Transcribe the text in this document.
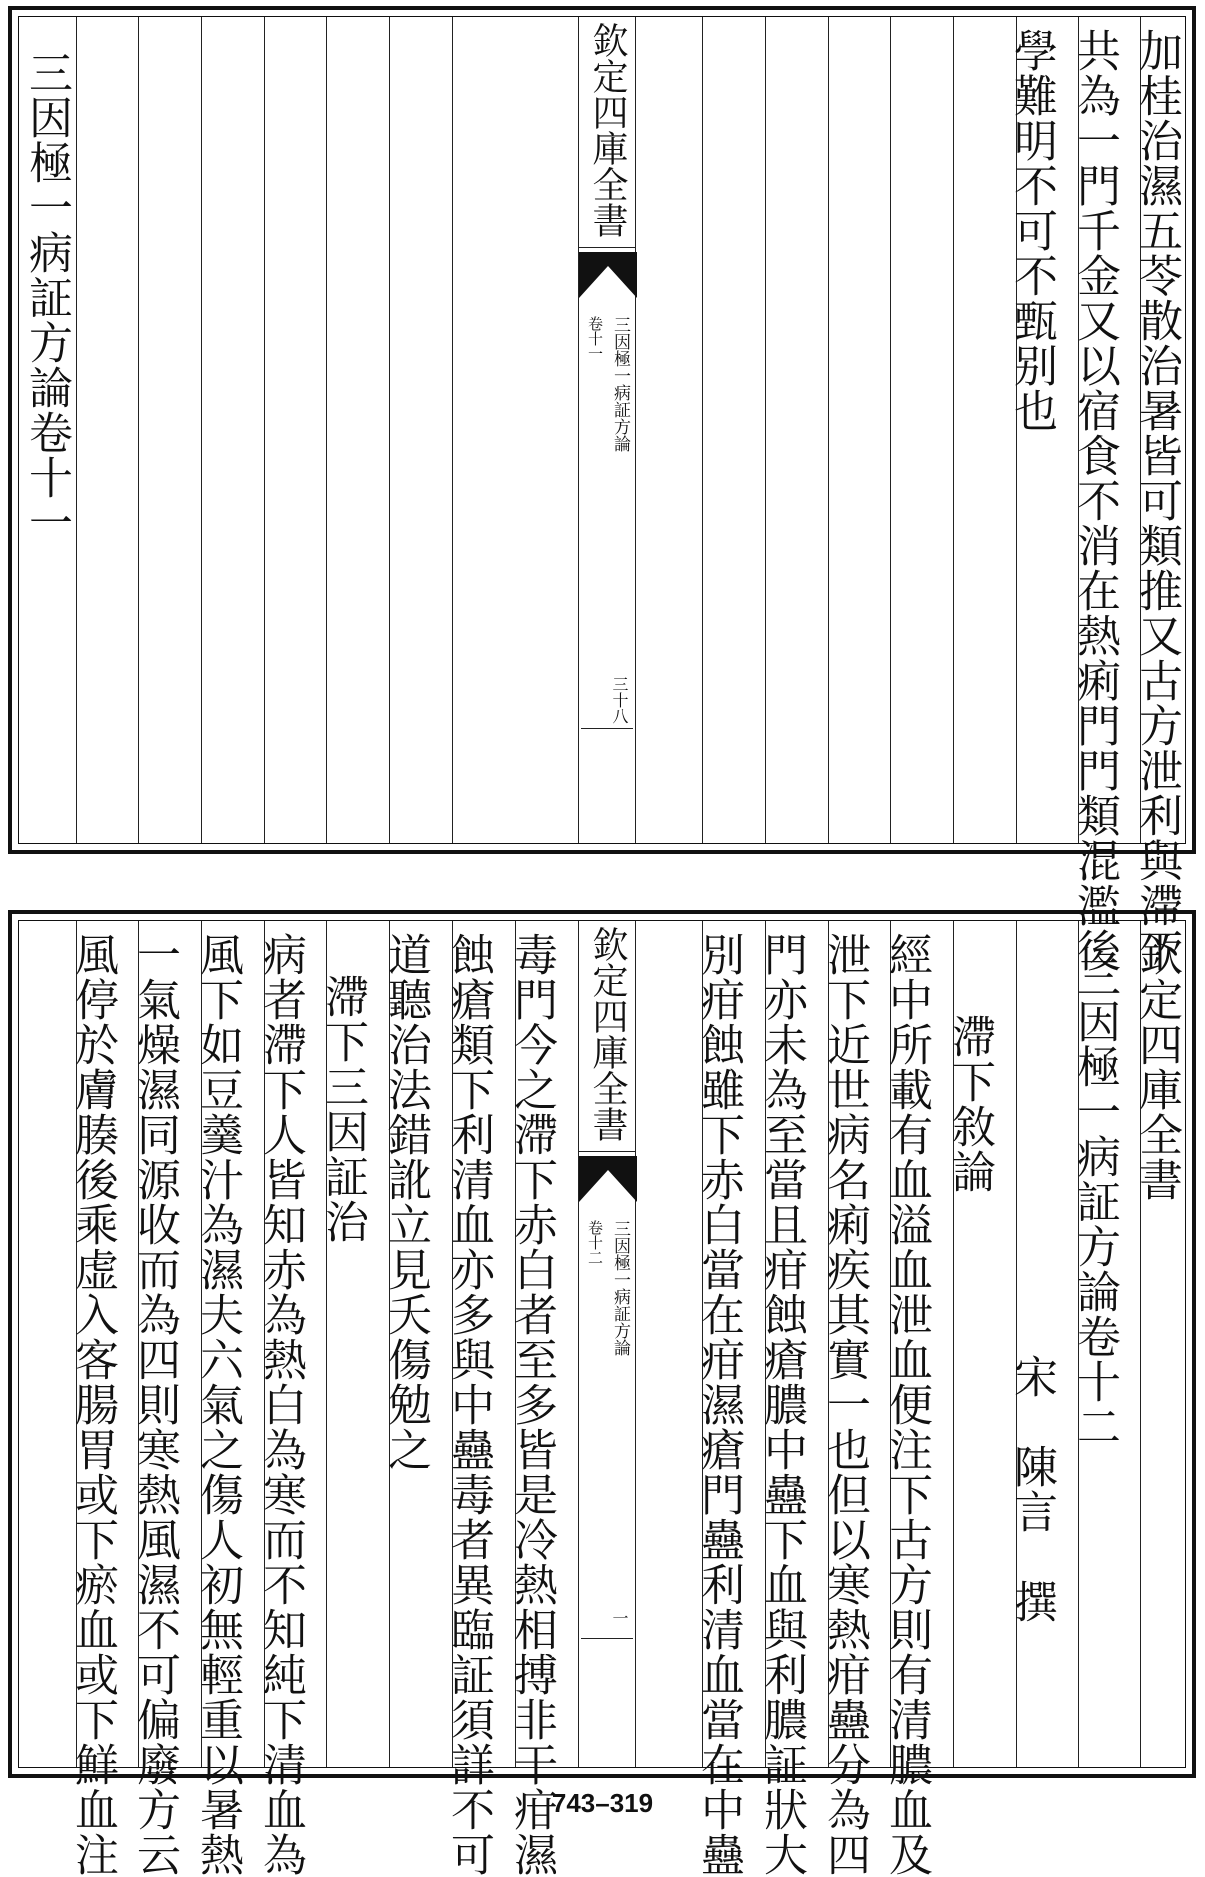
加桂治濕五苓散治暑皆可類推又古方泄利與滯下
共為一門千金又以宿食不消在熱痢門門類混濫後
學難明不可不甄别也
欽定四庫全書
三因極一病証方論
卷十一
三十八
三因極一病証方論卷十一
欽定四庫全書
三因極一病証方論卷十二
宋　陳言　撰
滯下敘論
經中所載有血溢血泄血便注下古方則有清膿血及
泄下近世病名痢疾其實一也但以寒熱疳蠱分為四
門亦未為至當且疳蝕瘡膿中蠱下血與利膿証狀大
別疳蝕雖下赤白當在疳濕瘡門蠱利清血當在中蠱
欽定四庫全書
三因極一病証方論
卷十二
一
毒門今之滯下赤白者至多皆是冷熱相搏非干疳濕
蝕瘡類下利清血亦多與中蠱毒者異臨証須詳不可
道聽治法錯訛立見夭傷勉之
滯下三因証治
病者滯下人皆知赤為熱白為寒而不知純下清血為
風下如豆羹汁為濕夫六氣之傷人初無輕重以暑熱
一氣燥濕同源收而為四則寒熱風濕不可偏廢方云
風停於膚腠後乘虚入客腸胃或下瘀血或下鮮血注	743–319
